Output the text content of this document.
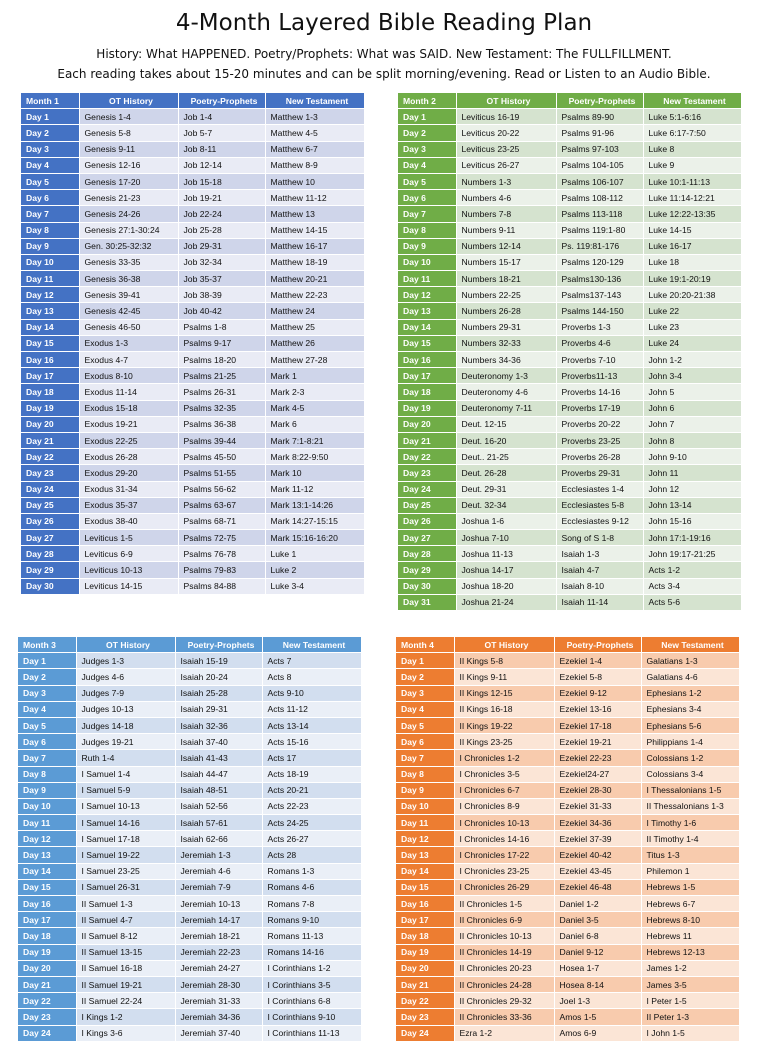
4-Month Layered Bible Reading Plan
History: What HAPPENED. Poetry/Prophets: What was SAID. New Testament: The FULLFILLMENT.
Each reading takes about 15-20 minutes and can be split morning/evening. Read or Listen to an Audio Bible.
Month 1	OT History	Poetry-Prophets	New Testament
Day 1	Genesis 1-4	Job 1-4	Matthew 1-3
Day 2	Genesis 5-8	Job 5-7	Matthew 4-5
Day 3	Genesis 9-11	Job 8-11	Matthew 6-7
Day 4	Genesis 12-16	Job 12-14	Matthew 8-9
Day 5	Genesis 17-20	Job 15-18	Matthew 10
Day 6	Genesis 21-23	Job 19-21	Matthew 11-12
Day 7	Genesis 24-26	Job 22-24	Matthew 13
Day 8	Genesis 27:1-30:24	Job 25-28	Matthew 14-15
Day 9	Gen. 30:25-32:32	Job 29-31	Matthew 16-17
Day 10	Genesis 33-35	Job 32-34	Matthew 18-19
Day 11	Genesis 36-38	Job 35-37	Matthew 20-21
Day 12	Genesis 39-41	Job 38-39	Matthew 22-23
Day 13	Genesis 42-45	Job 40-42	Matthew 24
Day 14	Genesis 46-50	Psalms 1-8	Matthew 25
Day 15	Exodus 1-3	Psalms 9-17	Matthew 26
Day 16	Exodus 4-7	Psalms 18-20	Matthew 27-28
Day 17	Exodus 8-10	Psalms 21-25	Mark 1
Day 18	Exodus 11-14	Psalms 26-31	Mark 2-3
Day 19	Exodus 15-18	Psalms 32-35	Mark 4-5
Day 20	Exodus 19-21	Psalms 36-38	Mark 6
Day 21	Exodus 22-25	Psalms 39-44	Mark 7:1-8:21
Day 22	Exodus 26-28	Psalms 45-50	Mark 8:22-9:50
Day 23	Exodus 29-20	Psalms 51-55	Mark 10
Day 24	Exodus 31-34	Psalms 56-62	Mark 11-12
Day 25	Exodus 35-37	Psalms 63-67	Mark 13:1-14:26
Day 26	Exodus 38-40	Psalms 68-71	Mark 14:27-15:15
Day 27	Leviticus 1-5	Psalms 72-75	Mark 15:16-16:20
Day 28	Leviticus 6-9	Psalms 76-78	Luke 1
Day 29	Leviticus 10-13	Psalms 79-83	Luke 2
Day 30	Leviticus 14-15	Psalms 84-88	Luke 3-4
Month 2	OT History	Poetry-Prophets	New Testament
Day 1	Leviticus 16-19	Psalms 89-90	Luke 5:1-6:16
Day 2	Leviticus 20-22	Psalms 91-96	Luke 6:17-7:50
Day 3	Leviticus 23-25	Psalms 97-103	Luke 8
Day 4	Leviticus 26-27	Psalms 104-105	Luke 9
Day 5	Numbers 1-3	Psalms 106-107	Luke 10:1-11:13
Day 6	Numbers 4-6	Psalms 108-112	Luke 11:14-12:21
Day 7	Numbers 7-8	Psalms 113-118	Luke 12:22-13:35
Day 8	Numbers 9-11	Psalms 119:1-80	Luke 14-15
Day 9	Numbers 12-14	Ps. 119:81-176	Luke 16-17
Day 10	Numbers 15-17	Psalms 120-129	Luke 18
Day 11	Numbers 18-21	Psalms130-136	Luke 19:1-20:19
Day 12	Numbers 22-25	Psalms137-143	Luke 20:20-21:38
Day 13	Numbers 26-28	Psalms 144-150	Luke 22
Day 14	Numbers 29-31	Proverbs 1-3	Luke 23
Day 15	Numbers 32-33	Proverbs 4-6	Luke 24
Day 16	Numbers 34-36	Proverbs 7-10	John 1-2
Day 17	Deuteronomy 1-3	Proverbs11-13	John 3-4
Day 18	Deuteronomy 4-6	Proverbs 14-16	John 5
Day 19	Deuteronomy 7-11	Proverbs 17-19	John 6
Day 20	Deut. 12-15	Proverbs 20-22	John 7
Day 21	Deut. 16-20	Proverbs 23-25	John 8
Day 22	Deut.. 21-25	Proverbs 26-28	John 9-10
Day 23	Deut. 26-28	Proverbs 29-31	John 11
Day 24	Deut. 29-31	Ecclesiastes 1-4	John 12
Day 25	Deut. 32-34	Ecclesiastes 5-8	John 13-14
Day 26	Joshua 1-6	Ecclesiastes 9-12	John 15-16
Day 27	Joshua 7-10	Song of S 1-8	John 17:1-19:16
Day 28	Joshua 11-13	Isaiah 1-3	John 19:17-21:25
Day 29	Joshua 14-17	Isaiah 4-7	Acts 1-2
Day 30	Joshua 18-20	Isaiah 8-10	Acts 3-4
Day 31	Joshua 21-24	Isaiah 11-14	Acts 5-6
Month 3	OT History	Poetry-Prophets	New Testament
Day 1	Judges 1-3	Isaiah 15-19	Acts 7
Day 2	Judges 4-6	Isaiah 20-24	Acts 8
Day 3	Judges 7-9	Isaiah 25-28	Acts 9-10
Day 4	Judges 10-13	Isaiah 29-31	Acts 11-12
Day 5	Judges 14-18	Isaiah 32-36	Acts 13-14
Day 6	Judges 19-21	Isaiah 37-40	Acts 15-16
Day 7	Ruth 1-4	Isaiah 41-43	Acts 17
Day 8	I Samuel 1-4	Isaiah 44-47	Acts 18-19
Day 9	I Samuel 5-9	Isaiah 48-51	Acts 20-21
Day 10	I Samuel 10-13	Isaiah 52-56	Acts 22-23
Day 11	I Samuel 14-16	Isaiah 57-61	Acts 24-25
Day 12	I Samuel 17-18	Isaiah 62-66	Acts 26-27
Day 13	I Samuel 19-22	Jeremiah 1-3	Acts 28
Day 14	I Samuel 23-25	Jeremiah 4-6	Romans 1-3
Day 15	I Samuel 26-31	Jeremiah 7-9	Romans 4-6
Day 16	II Samuel 1-3	Jeremiah 10-13	Romans 7-8
Day 17	II Samuel 4-7	Jeremiah 14-17	Romans 9-10
Day 18	II Samuel 8-12	Jeremiah 18-21	Romans 11-13
Day 19	II Samuel 13-15	Jeremiah 22-23	Romans 14-16
Day 20	II Samuel 16-18	Jeremiah 24-27	I Corinthians 1-2
Day 21	II Samuel 19-21	Jeremiah 28-30	I Corinthians 3-5
Day 22	II Samuel 22-24	Jeremiah 31-33	I Corinthians 6-8
Day 23	I Kings 1-2	Jeremiah 34-36	I Corinthians 9-10
Day 24	I Kings 3-6	Jeremiah 37-40	I Corinthians 11-13
Month 4	OT History	Poetry-Prophets	New Testament
Day 1	II Kings 5-8	Ezekiel 1-4	Galatians 1-3
Day 2	II Kings 9-11	Ezekiel 5-8	Galatians 4-6
Day 3	II Kings 12-15	Ezekiel 9-12	Ephesians 1-2
Day 4	II Kings 16-18	Ezekiel 13-16	Ephesians 3-4
Day 5	II Kings 19-22	Ezekiel 17-18	Ephesians 5-6
Day 6	II Kings 23-25	Ezekiel 19-21	Philippians 1-4
Day 7	I Chronicles 1-2	Ezekiel 22-23	Colossians 1-2
Day 8	I Chronicles 3-5	Ezekiel24-27	Colossians 3-4
Day 9	I Chronicles 6-7	Ezekiel 28-30	I Thessalonians 1-5
Day 10	I Chronicles 8-9	Ezekiel 31-33	II Thessalonians 1-3
Day 11	I Chronicles 10-13	Ezekiel 34-36	I Timothy 1-6
Day 12	I Chronicles 14-16	Ezekiel 37-39	II Timothy 1-4
Day 13	I Chronicles 17-22	Ezekiel 40-42	Titus 1-3
Day 14	I Chronicles 23-25	Ezekiel 43-45	Philemon 1
Day 15	I Chronicles 26-29	Ezekiel 46-48	Hebrews 1-5
Day 16	II Chronicles 1-5	Daniel 1-2	Hebrews 6-7
Day 17	II Chronicles 6-9	Daniel 3-5	Hebrews 8-10
Day 18	II Chronicles 10-13	Daniel 6-8	Hebrews 11
Day 19	II Chronicles 14-19	Daniel 9-12	Hebrews 12-13
Day 20	II Chronicles 20-23	Hosea 1-7	James 1-2
Day 21	II Chronicles 24-28	Hosea 8-14	James 3-5
Day 22	II Chronicles 29-32	Joel 1-3	I Peter 1-5
Day 23	II Chronicles 33-36	Amos 1-5	II Peter 1-3
Day 24	Ezra 1-2	Amos 6-9	I John 1-5
